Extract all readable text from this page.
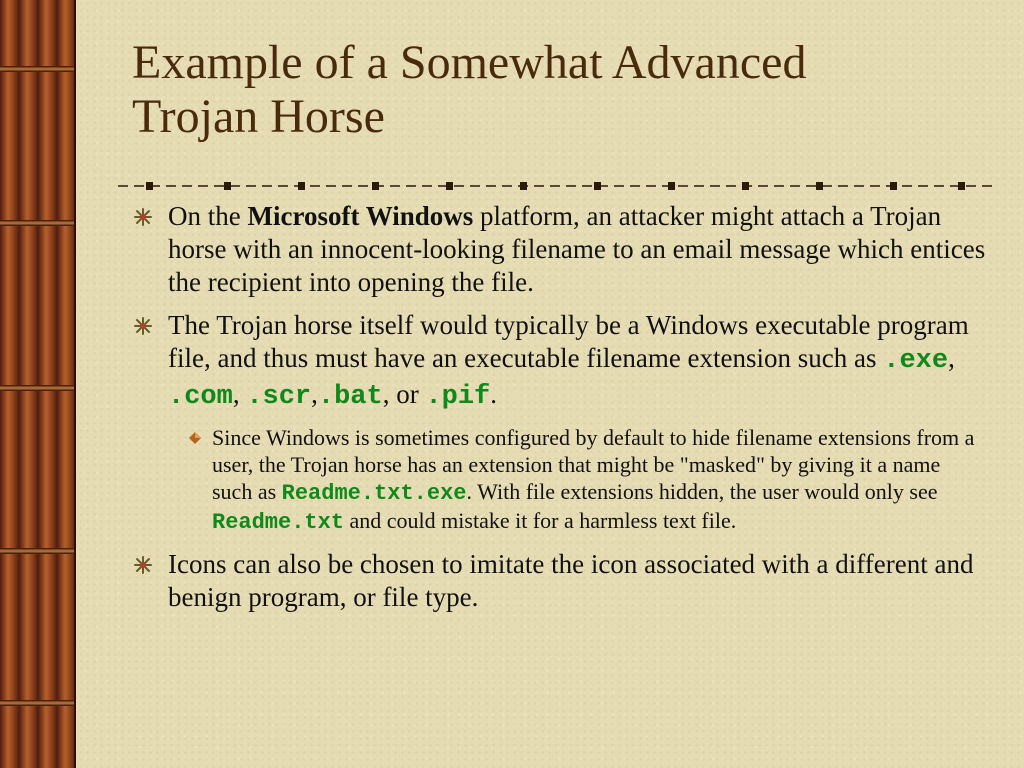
Example of a Somewhat Advanced
Trojan Horse
On the Microsoft Windows platform, an attacker might attach a Trojan horse with an innocent-looking filename to an email message which entices the recipient into opening the file.
The Trojan horse itself would typically be a Windows executable program file, and thus must have an executable filename extension such as .exe, .com, .scr,.bat, or .pif.
Since Windows is sometimes configured by default to hide filename extensions from a user, the Trojan horse has an extension that might be "masked" by giving it a name such as Readme.txt.exe. With file extensions hidden, the user would only see Readme.txt and could mistake it for a harmless text file.
Icons can also be chosen to imitate the icon associated with a different and benign program, or file type.
